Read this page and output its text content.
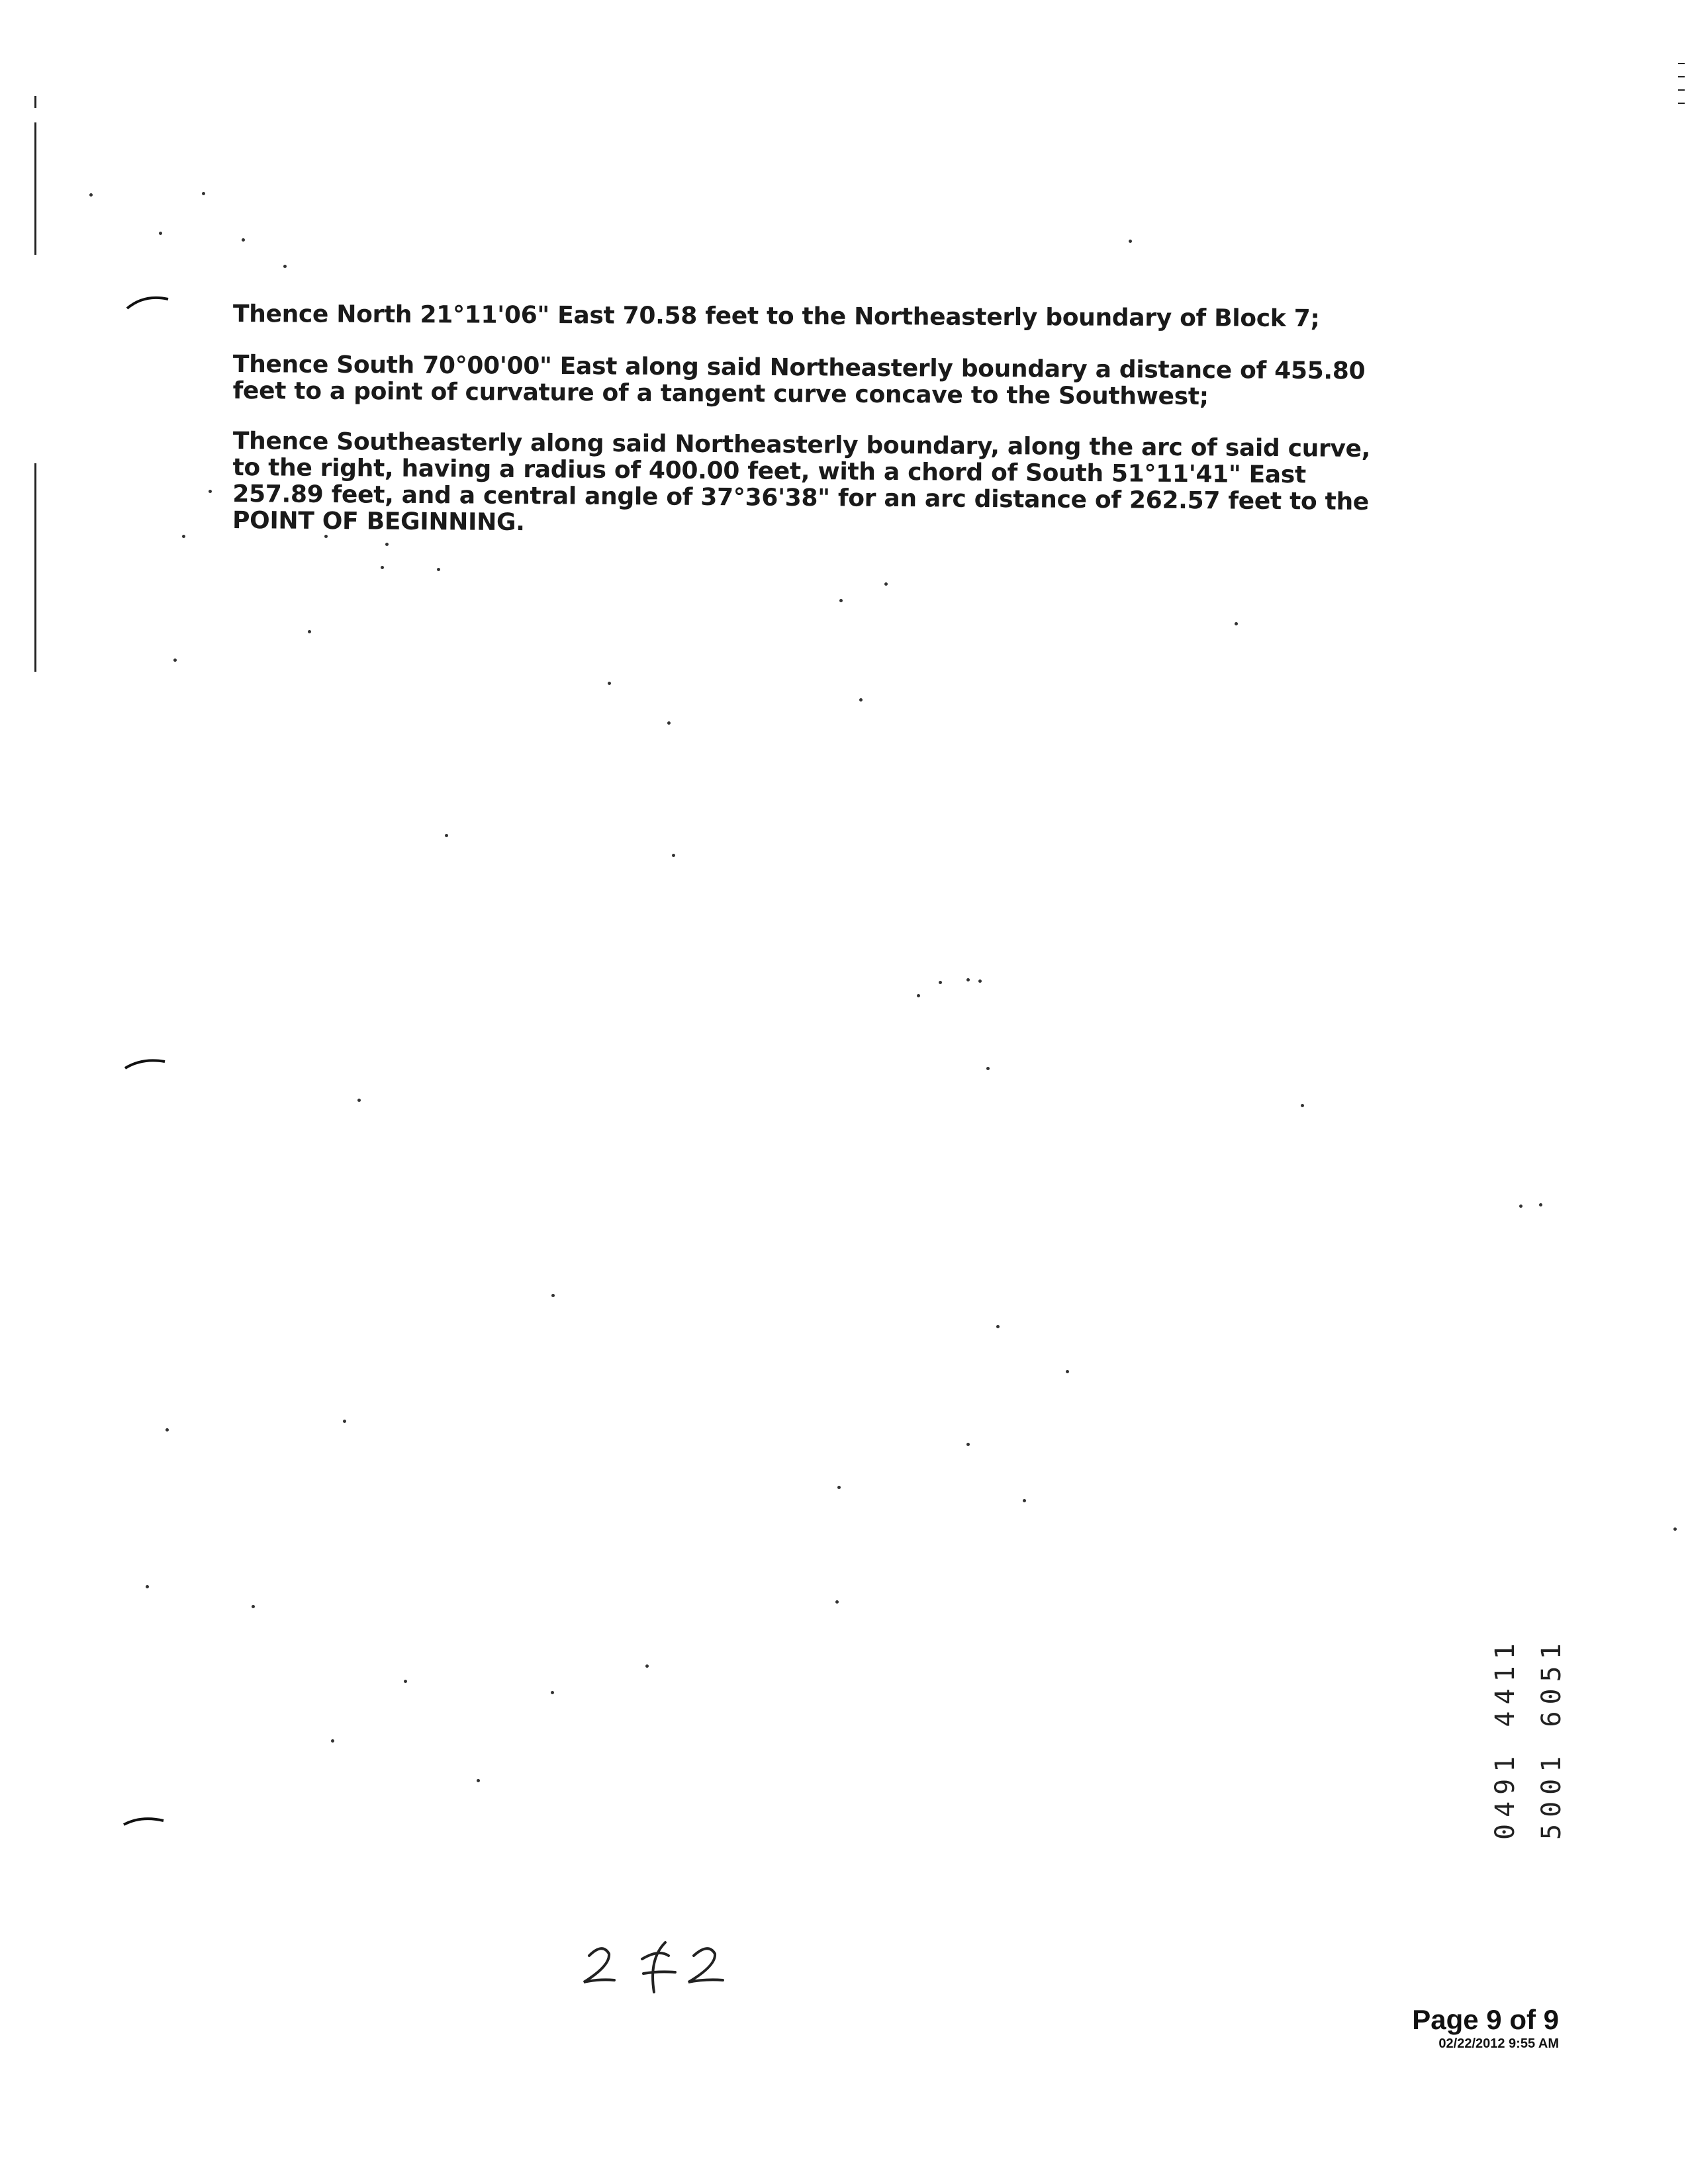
Thence North 21°11'06" East 70.58 feet to the Northeasterly boundary of Block 7;

Thence South 70°00'00" East along said Northeasterly boundary a distance of 455.80 feet to a point of curvature of a tangent curve concave to the Southwest;

Thence Southeasterly along said Northeasterly boundary, along the arc of said curve, to the right, having a radius of 400.00 feet, with a chord of South 51°11'41" East 257.89 feet, and a central angle of 37°36'38" for an arc distance of 262.57 feet to the POINT OF BEGINNING.

0491 4411 5001 6051
Page 9 of 9
02/22/2012 9:55 AM
